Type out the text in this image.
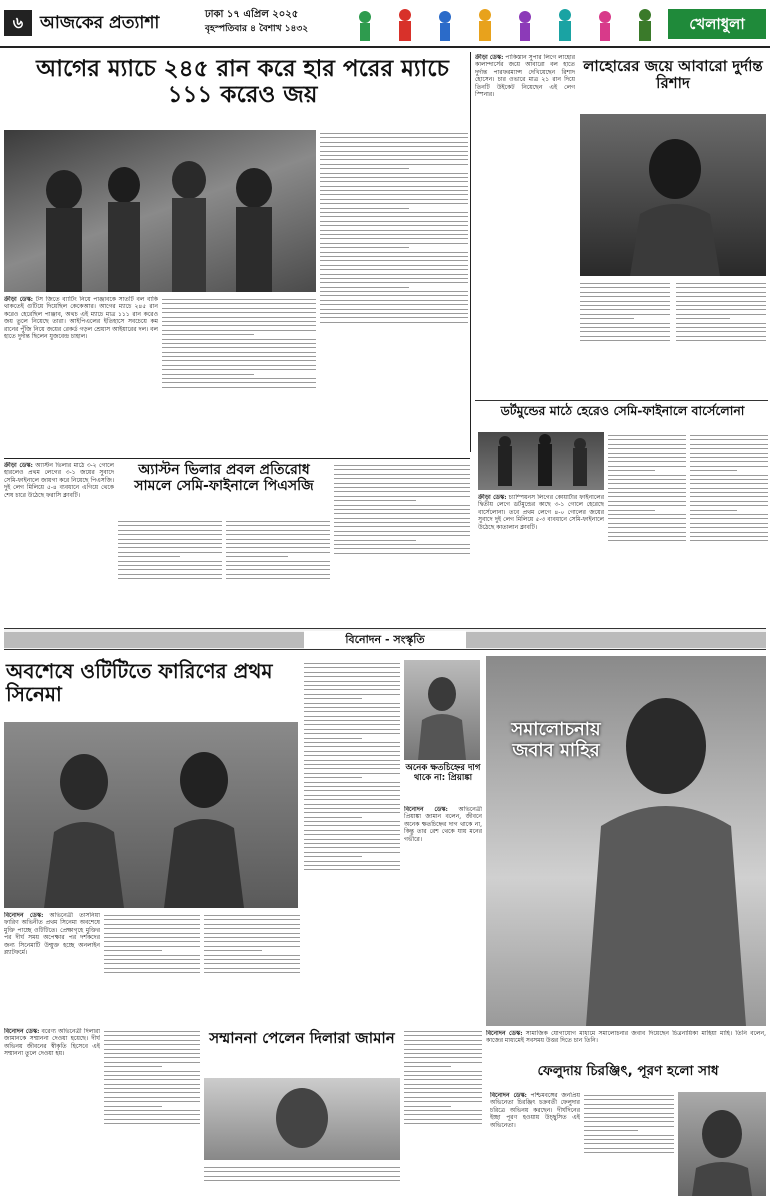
৬ আজকের প্রত্যাশা	ঢাকা ১৭ এপ্রিল ২০২৫
বৃহস্পতিবার ৪ বৈশাখ ১৪৩২	খেলাধুলা
আগের ম্যাচে ২৪৫ রান করে হার পরের ম্যাচে ১১১ করেও জয়
ক্রীড়া ডেস্ক: টস জিতে ব্যাটিং নিয়ে পাঞ্জাবকে সাতটি বল বাকি থাকতেই গুটিয়ে দিয়েছিল কেকেআর। আগের ম্যাচে ২৪৫ রান করেও হেরেছিল পাঞ্জাব, অথচ এই ম্যাচে মাত্র ১১১ রান করেও জয় তুলে নিয়েছে তারা। আইপিএলের ইতিহাসে সবচেয়ে কম রানের পুঁজি নিয়ে জয়ের রেকর্ড গড়ল শ্রেয়াস আইয়ারের দল। বল হাতে দুর্দান্ত ছিলেন যুজবেন্দ্র চাহাল।
ক্রীড়া ডেস্ক: পাকিস্তান সুপার লিগে লাহোর কালান্দার্সের জয়ে আবারো বল হাতে দুর্দান্ত পারফরম্যান্স দেখিয়েছেন রিশাদ হোসেন। চার ওভারে মাত্র ২১ রান দিয়ে তিনটি উইকেট নিয়েছেন এই লেগ স্পিনার।
লাহোরের জয়ে আবারো দুর্দান্ত রিশাদ
ডর্টমুন্ডের মাঠে হেরেও সেমি-ফাইনালে বার্সেলোনা
ক্রীড়া ডেস্ক: চ্যাম্পিয়নস লিগের কোয়ার্টার ফাইনালের দ্বিতীয় লেগে ডর্টমুন্ডের কাছে ৩-১ গোলে হেরেছে বার্সেলোনা। তবে প্রথম লেগে ৪-০ গোলের জয়ের সুবাদে দুই লেগ মিলিয়ে ৫-৩ ব্যবধানে সেমি-ফাইনালে উঠেছে কাতালান ক্লাবটি।
ক্রীড়া ডেস্ক: অ্যাস্টন ভিলার মাঠে ৩-২ গোলে হারলেও প্রথম লেগের ৩-১ জয়ের সুবাদে সেমি-ফাইনালে জায়গা করে নিয়েছে পিএসজি। দুই লেগ মিলিয়ে ৫-৪ ব্যবধানে এগিয়ে থেকে শেষ চারে উঠেছে ফরাসি ক্লাবটি।
অ্যাস্টন ভিলার প্রবল প্রতিরোধ সামলে সেমি-ফাইনালে পিএসজি
বিনোদন - সংস্কৃতি
অবশেষে ওটিটিতে ফারিণের প্রথম সিনেমা
বিনোদন ডেস্ক: অভিনেত্রী তাসনিয়া ফারিণ অভিনীত প্রথম সিনেমা অবশেষে মুক্তি পাচ্ছে ওটিটিতে। প্রেক্ষাগৃহে মুক্তির পর দীর্ঘ সময় অপেক্ষার পর দর্শকদের জন্য সিনেমাটি উন্মুক্ত হচ্ছে অনলাইন প্ল্যাটফর্মে।
অনেক ক্ষতচিহ্নের দাগ থাকে না: প্রিয়াঙ্কা
বিনোদন ডেস্ক: অভিনেত্রী প্রিয়াঙ্কা জামান বলেন, জীবনে অনেক ক্ষতচিহ্নের দাগ থাকে না, কিন্তু তার রেশ থেকে যায় মনের গভীরে।
সমালোচনায় জবাব মাহির
বিনোদন ডেস্ক: সামাজিক যোগাযোগ মাধ্যমে সমালোচনার জবাব দিয়েছেন চিত্রনায়িকা মাহিয়া মাহি। তিনি বলেন, কাজের মাধ্যমেই সবসময় উত্তর দিতে চান তিনি।
বিনোদন ডেস্ক: বরেণ্য অভিনেত্রী দিলারা জামানকে সম্মাননা দেওয়া হয়েছে। দীর্ঘ অভিনয় জীবনের স্বীকৃতি হিসেবে এই সম্মাননা তুলে দেওয়া হয়।
সম্মাননা পেলেন দিলারা জামান
ফেলুদায় চিরঞ্জিৎ, পূরণ হলো সাধ
বিনোদন ডেস্ক: পশ্চিমবঙ্গের জনপ্রিয় অভিনেতা চিরঞ্জিৎ চক্রবর্তী ফেলুদার চরিত্রে অভিনয় করছেন। দীর্ঘদিনের ইচ্ছা পূরণ হওয়ায় উচ্ছ্বসিত এই অভিনেতা।
